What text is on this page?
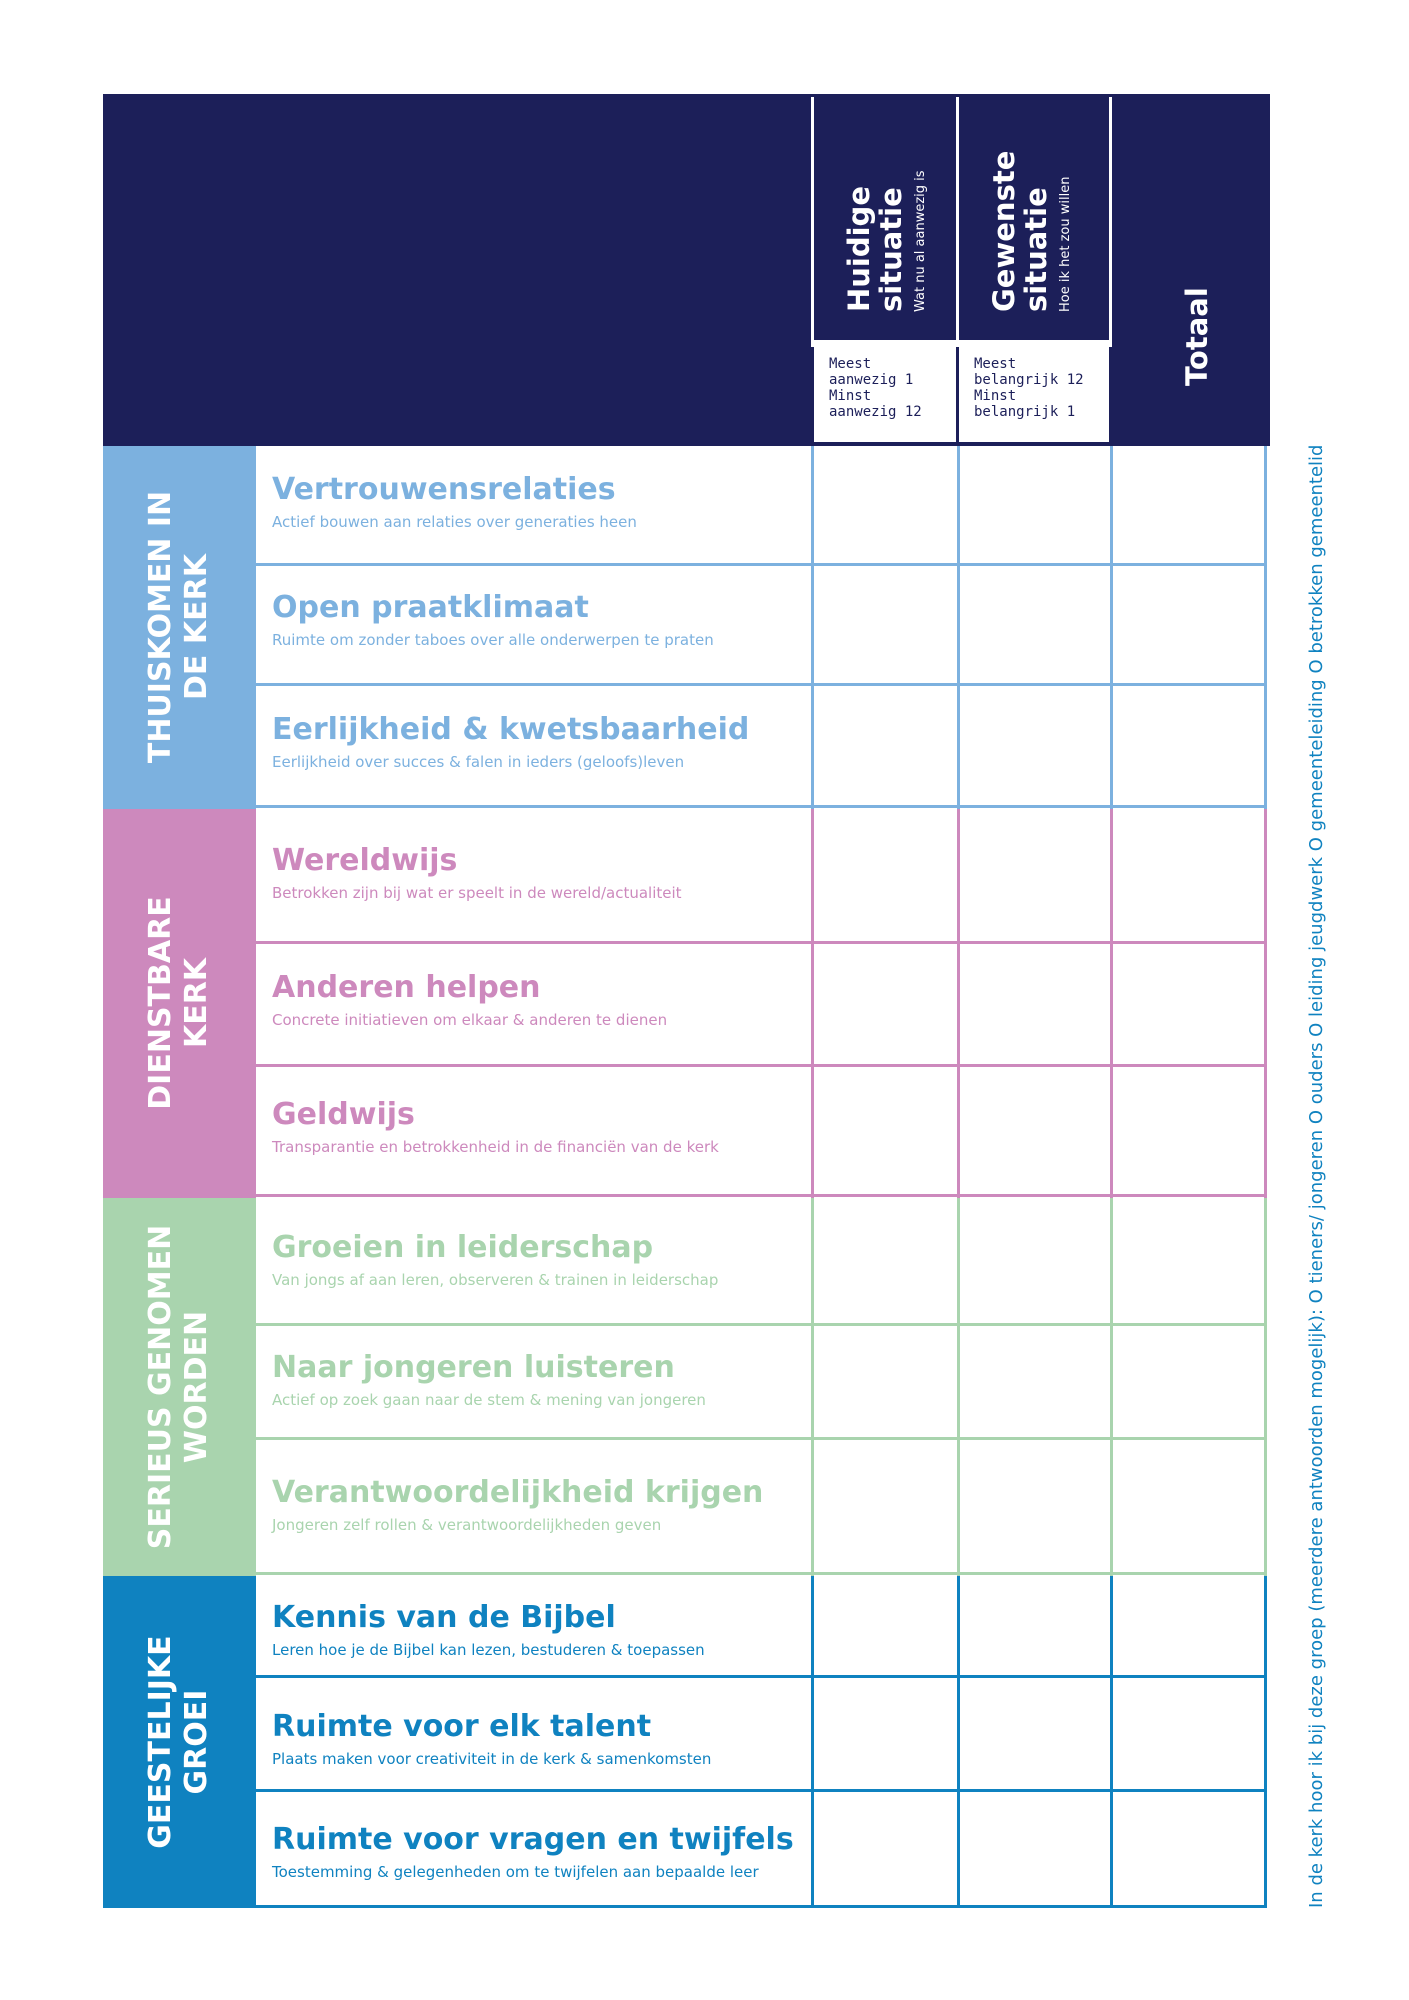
Huidige
situatie Wat nu al aanwezig is Gewenste
situatie Hoe ik het zou willen
Totaal
Meest
aanwezig 1
Minst
aanwezig 12
Meest
belangrijk 12
Minst
belangrijk 1
THUISKOMEN IN DE KERK
DIENSTBARE KERK
SERIEUS GENOMEN WORDEN
GEESTELIJKE GROEI
Vertrouwensrelaties
Actief bouwen aan relaties over generaties heen
Open praatklimaat
Ruimte om zonder taboes over alle onderwerpen te praten
Eerlijkheid & kwetsbaarheid
Eerlijkheid over succes & falen in ieders (geloofs)leven
Wereldwijs
Betrokken zijn bij wat er speelt in de wereld/actualiteit
Anderen helpen
Concrete initiatieven om elkaar & anderen te dienen
Geldwijs
Transparantie en betrokkenheid in de financiën van de kerk
Groeien in leiderschap
Van jongs af aan leren, observeren & trainen in leiderschap
Naar jongeren luisteren
Actief op zoek gaan naar de stem & mening van jongeren
Verantwoordelijkheid krijgen
Jongeren zelf rollen & verantwoordelijkheden geven
Kennis van de Bijbel
Leren hoe je de Bijbel kan lezen, bestuderen & toepassen
Ruimte voor elk talent
Plaats maken voor creativiteit in de kerk & samenkomsten
Ruimte voor vragen en twijfels
Toestemming & gelegenheden om te twijfelen aan bepaalde leer	In de kerk hoor ik bij deze groep (meerdere antwoorden mogelijk): O tieners/ jongeren O ouders O leiding jeugdwerk O gemeenteleiding O betrokken gemeentelid
